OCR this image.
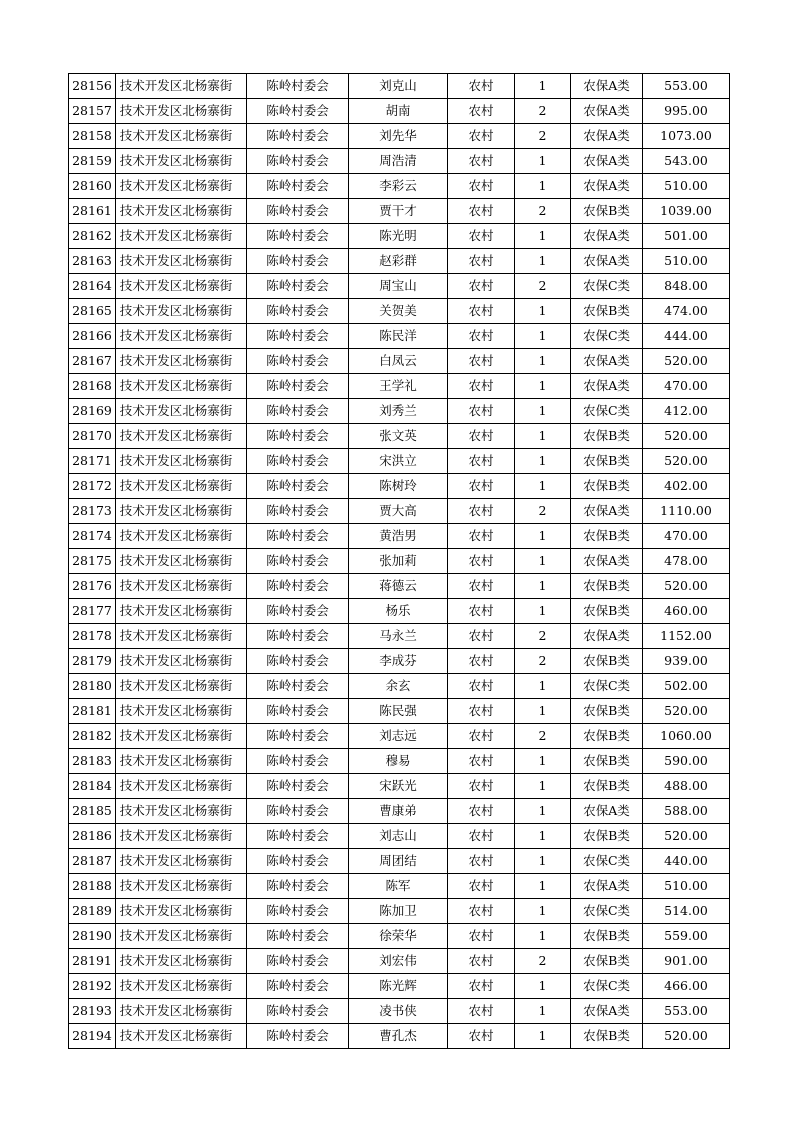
28156	技术开发区北杨寨街	陈岭村委会	刘克山	农村	1	农保A类	553.00
28157	技术开发区北杨寨街	陈岭村委会	胡南	农村	2	农保A类	995.00
28158	技术开发区北杨寨街	陈岭村委会	刘先华	农村	2	农保A类	1073.00
28159	技术开发区北杨寨街	陈岭村委会	周浩清	农村	1	农保A类	543.00
28160	技术开发区北杨寨街	陈岭村委会	李彩云	农村	1	农保A类	510.00
28161	技术开发区北杨寨街	陈岭村委会	贾干才	农村	2	农保B类	1039.00
28162	技术开发区北杨寨街	陈岭村委会	陈光明	农村	1	农保A类	501.00
28163	技术开发区北杨寨街	陈岭村委会	赵彩群	农村	1	农保A类	510.00
28164	技术开发区北杨寨街	陈岭村委会	周宝山	农村	2	农保C类	848.00
28165	技术开发区北杨寨街	陈岭村委会	关贺美	农村	1	农保B类	474.00
28166	技术开发区北杨寨街	陈岭村委会	陈民洋	农村	1	农保C类	444.00
28167	技术开发区北杨寨街	陈岭村委会	白凤云	农村	1	农保A类	520.00
28168	技术开发区北杨寨街	陈岭村委会	王学礼	农村	1	农保A类	470.00
28169	技术开发区北杨寨街	陈岭村委会	刘秀兰	农村	1	农保C类	412.00
28170	技术开发区北杨寨街	陈岭村委会	张文英	农村	1	农保B类	520.00
28171	技术开发区北杨寨街	陈岭村委会	宋洪立	农村	1	农保B类	520.00
28172	技术开发区北杨寨街	陈岭村委会	陈树玲	农村	1	农保B类	402.00
28173	技术开发区北杨寨街	陈岭村委会	贾大高	农村	2	农保A类	1110.00
28174	技术开发区北杨寨街	陈岭村委会	黄浩男	农村	1	农保B类	470.00
28175	技术开发区北杨寨街	陈岭村委会	张加莉	农村	1	农保A类	478.00
28176	技术开发区北杨寨街	陈岭村委会	蒋德云	农村	1	农保B类	520.00
28177	技术开发区北杨寨街	陈岭村委会	杨乐	农村	1	农保B类	460.00
28178	技术开发区北杨寨街	陈岭村委会	马永兰	农村	2	农保A类	1152.00
28179	技术开发区北杨寨街	陈岭村委会	李成芬	农村	2	农保B类	939.00
28180	技术开发区北杨寨街	陈岭村委会	余玄	农村	1	农保C类	502.00
28181	技术开发区北杨寨街	陈岭村委会	陈民强	农村	1	农保B类	520.00
28182	技术开发区北杨寨街	陈岭村委会	刘志远	农村	2	农保B类	1060.00
28183	技术开发区北杨寨街	陈岭村委会	穆易	农村	1	农保B类	590.00
28184	技术开发区北杨寨街	陈岭村委会	宋跃光	农村	1	农保B类	488.00
28185	技术开发区北杨寨街	陈岭村委会	曹康弟	农村	1	农保A类	588.00
28186	技术开发区北杨寨街	陈岭村委会	刘志山	农村	1	农保B类	520.00
28187	技术开发区北杨寨街	陈岭村委会	周团结	农村	1	农保C类	440.00
28188	技术开发区北杨寨街	陈岭村委会	陈军	农村	1	农保A类	510.00
28189	技术开发区北杨寨街	陈岭村委会	陈加卫	农村	1	农保C类	514.00
28190	技术开发区北杨寨街	陈岭村委会	徐荣华	农村	1	农保B类	559.00
28191	技术开发区北杨寨街	陈岭村委会	刘宏伟	农村	2	农保B类	901.00
28192	技术开发区北杨寨街	陈岭村委会	陈光辉	农村	1	农保C类	466.00
28193	技术开发区北杨寨街	陈岭村委会	凌书侠	农村	1	农保A类	553.00
28194	技术开发区北杨寨街	陈岭村委会	曹孔杰	农村	1	农保B类	520.00
